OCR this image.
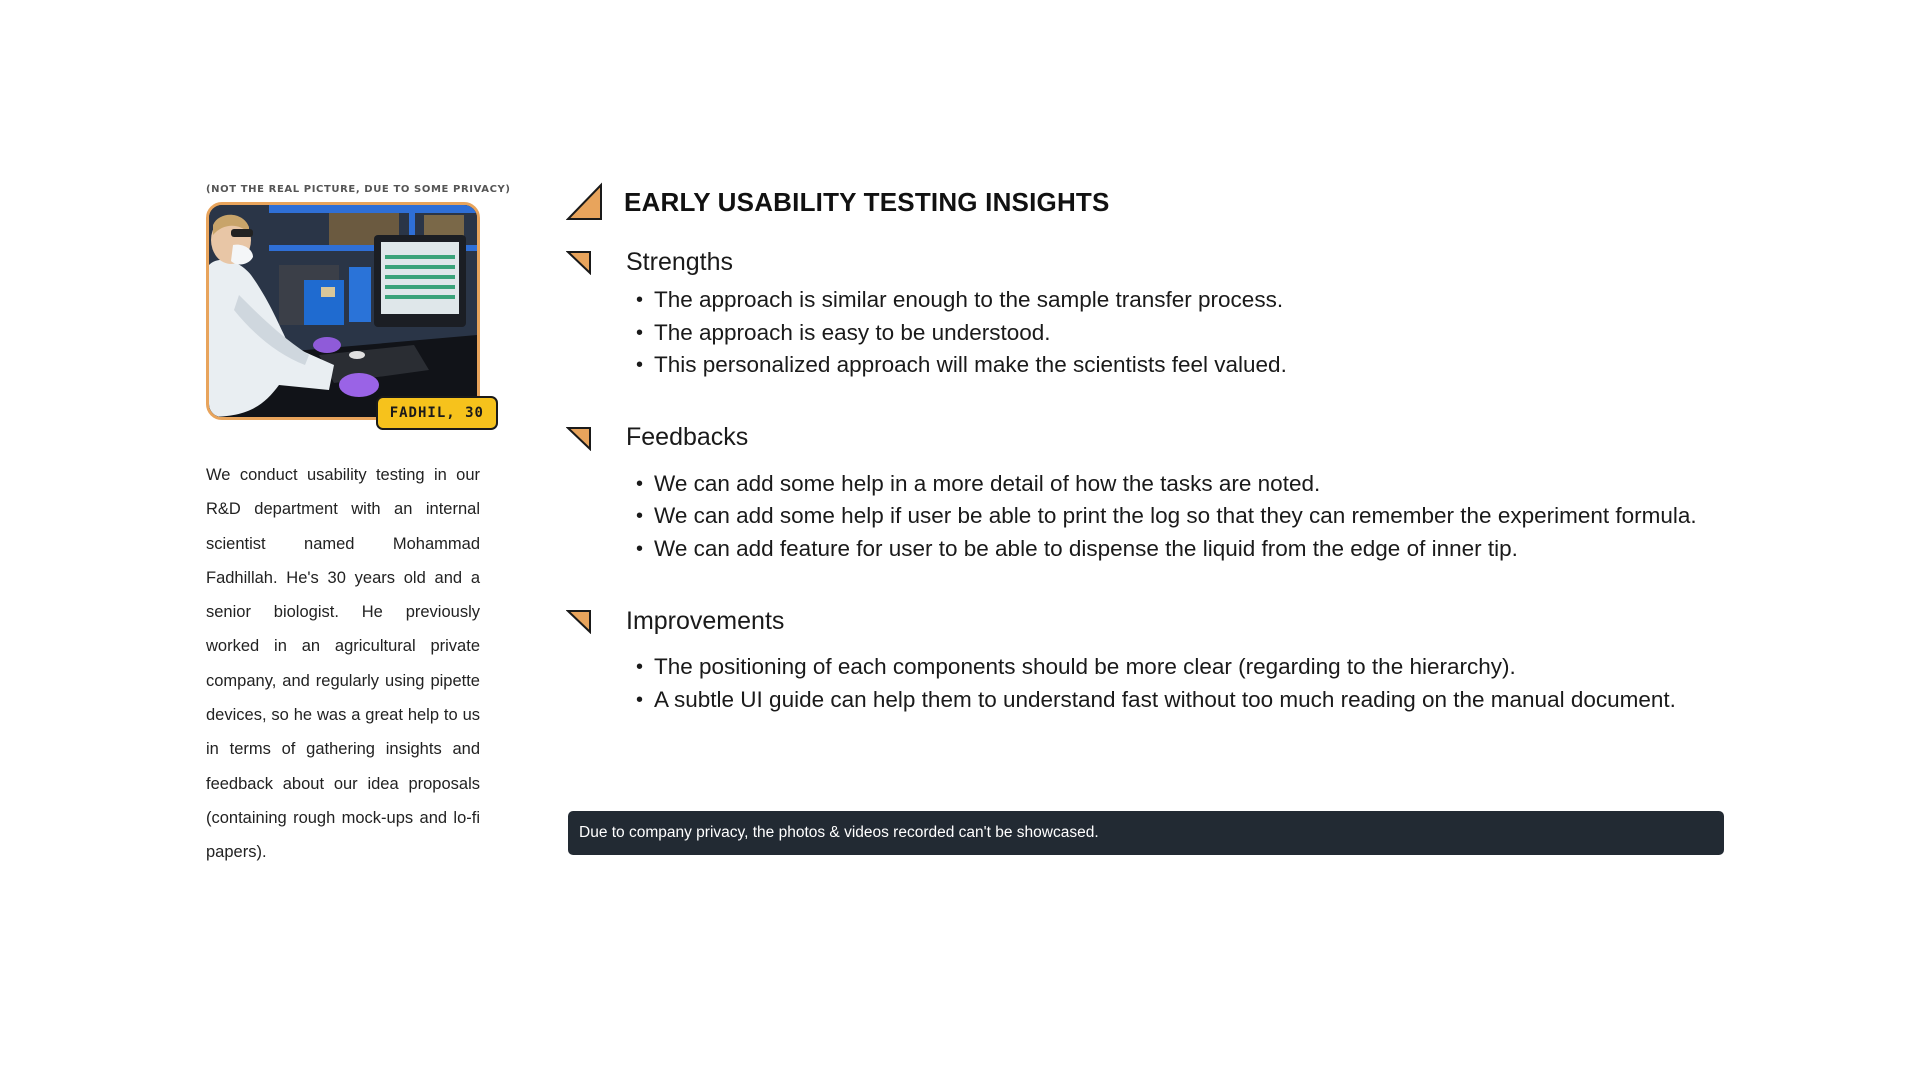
(NOT THE REAL PICTURE, DUE TO SOME PRIVACY)
FADHIL, 30
We conduct usability testing in our R&D department with an internal scientist named Mohammad Fadhillah. He's 30 years old and a senior biologist. He previously worked in an agricultural private company, and regularly using pipette devices, so he was a great help to us in terms of gathering insights and feedback about our idea proposals (containing rough mock-ups and lo-fi papers).
EARLY USABILITY TESTING INSIGHTS
Strengths
• The approach is similar enough to the sample transfer process.
• The approach is easy to be understood.
• This personalized approach will make the scientists feel valued.
Feedbacks
• We can add some help in a more detail of how the tasks are noted.
• We can add some help if user be able to print the log so that they can remember the experiment formula.
• We can add feature for user to be able to dispense the liquid from the edge of inner tip.
Improvements
• The positioning of each components should be more clear (regarding to the hierarchy).
• A subtle UI guide can help them to understand fast without too much reading on the manual document.
Due to company privacy, the photos & videos recorded can't be showcased.
